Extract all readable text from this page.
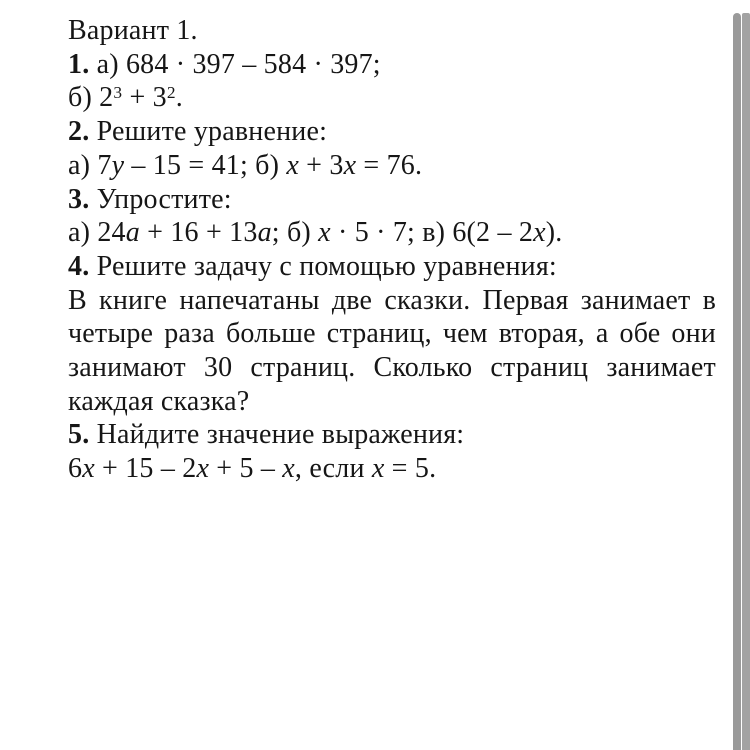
Вариант 1.
1. а) 684 · 397 – 584 · 397;
б) $2^3 + 3^2$.
2. Решите уравнение:
а) 7y – 15 = 41; б) x + 3x = 76.
3. Упростите:
а) 24a + 16 + 13a; б) x · 5 · 7; в) 6(2 – 2x).
4. Решите задачу с помощью уравнения:
В книге напечатаны две сказки. Первая занимает в
четыре раза больше страниц, чем вторая, а обе они
занимают 30 страниц. Сколько страниц занимает
каждая сказка?
5. Найдите значение выражения:
6x + 15 – 2x + 5 – x, если x = 5.
